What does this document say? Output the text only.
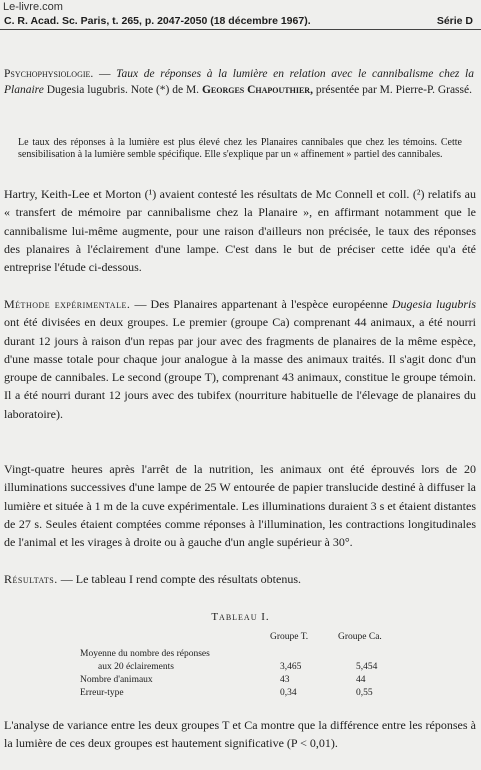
Le-livre.com
C. R. Acad. Sc. Paris, t. 265, p. 2047-2050 (18 décembre 1967).	Série D
Psychophysiologie. — Taux de réponses à la lumière en relation avec le cannibalisme chez la Planaire Dugesia lugubris. Note (*) de M. Georges Chapouthier, présentée par M. Pierre-P. Grassé.
Le taux des réponses à la lumière est plus élevé chez les Planaires cannibales que chez les témoins. Cette sensibilisation à la lumière semble spécifique. Elle s'explique par un « affinement » partiel des cannibales.
Hartry, Keith-Lee et Morton (¹) avaient contesté les résultats de Mc Connell et coll. (²) relatifs au « transfert de mémoire par cannibalisme chez la Planaire », en affirmant notamment que le cannibalisme lui-même augmente, pour une raison d'ailleurs non précisée, le taux des réponses des planaires à l'éclairement d'une lampe. C'est dans le but de préciser cette idée qu'a été entreprise l'étude ci-dessous.
Méthode expérimentale. — Des Planaires appartenant à l'espèce européenne Dugesia lugubris ont été divisées en deux groupes. Le premier (groupe Ca) comprenant 44 animaux, a été nourri durant 12 jours à raison d'un repas par jour avec des fragments de planaires de la même espèce, d'une masse totale pour chaque jour analogue à la masse des animaux traités. Il s'agit donc d'un groupe de cannibales. Le second (groupe T), comprenant 43 animaux, constitue le groupe témoin. Il a été nourri durant 12 jours avec des tubifex (nourriture habituelle de l'élevage de planaires du laboratoire).
Vingt-quatre heures après l'arrêt de la nutrition, les animaux ont été éprouvés lors de 20 illuminations successives d'une lampe de 25 W entourée de papier translucide destiné à diffuser la lumière et située à 1 m de la cuve expérimentale. Les illuminations duraient 3 s et étaient distantes de 27 s. Seules étaient comptées comme réponses à l'illumination, les contractions longitudinales de l'animal et les virages à droite ou à gauche d'un angle supérieur à 30°.
Résultats. — Le tableau I rend compte des résultats obtenus.
Tableau I.
Groupe T.	Groupe Ca.
Moyenne du nombre des réponses
aux 20 éclairements	3,465	5,454
Nombre d'animaux	43	44
Erreur-type	0,34	0,55
L'analyse de variance entre les deux groupes T et Ca montre que la différence entre les réponses à la lumière de ces deux groupes est hautement significative (P < 0,01).
